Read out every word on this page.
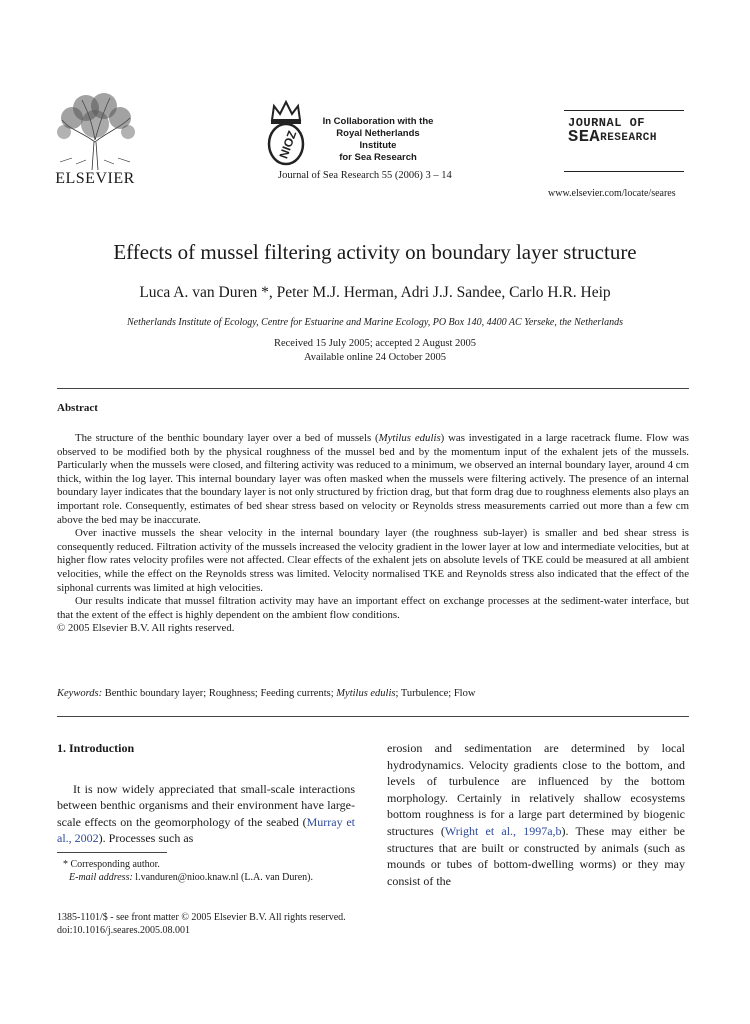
ELSEVIER
NIOZ
In Collaboration with the
Royal Netherlands Institute
for Sea Research
Journal of Sea Research 55 (2006) 3 – 14
JOURNAL OF
$SEA^{RESEARCH}$
www.elsevier.com/locate/seares
Effects of mussel filtering activity on boundary layer structure
Luca A. van Duren *, Peter M.J. Herman, Adri J.J. Sandee, Carlo H.R. Heip
Netherlands Institute of Ecology, Centre for Estuarine and Marine Ecology, PO Box 140, 4400 AC Yerseke, the Netherlands
Received 15 July 2005; accepted 2 August 2005
Available online 24 October 2005
Abstract

The structure of the benthic boundary layer over a bed of mussels (Mytilus edulis) was investigated in a large racetrack flume. Flow was observed to be modified both by the physical roughness of the mussel bed and by the momentum input of the exhalent jets of the mussels. Particularly when the mussels were closed, and filtering activity was reduced to a minimum, we observed an internal boundary layer, around 4 cm thick, within the log layer. This internal boundary layer was often masked when the mussels were filtering actively. The presence of an internal boundary layer indicates that the boundary layer is not only structured by friction drag, but that form drag due to roughness elements also plays an important role. Consequently, estimates of bed shear stress based on velocity or Reynolds stress measurements carried out more than a few cm above the bed may be inaccurate.

Over inactive mussels the shear velocity in the internal boundary layer (the roughness sub-layer) is smaller and bed shear stress is consequently reduced. Filtration activity of the mussels increased the velocity gradient in the lower layer at low and intermediate velocities, but at higher flow rates velocity profiles were not affected. Clear effects of the exhalent jets on absolute levels of TKE could be measured at all ambient velocities, while the effect on the Reynolds stress was limited. Velocity normalised TKE and Reynolds stress also indicated that the effect of the siphonal currents was limited at high velocities.

Our results indicate that mussel filtration activity may have an important effect on exchange processes at the sediment-water interface, but that the extent of the effect is highly dependent on the ambient flow conditions.

© 2005 Elsevier B.V. All rights reserved.

Keywords: Benthic boundary layer; Roughness; Feeding currents; Mytilus edulis; Turbulence; Flow

1. Introduction

It is now widely appreciated that small-scale interactions between benthic organisms and their environment have large-scale effects on the geomorphology of the seabed (Murray et al., 2002). Processes such as

erosion and sedimentation are determined by local hydrodynamics. Velocity gradients close to the bottom, and levels of turbulence are influenced by the bottom morphology. Certainly in relatively shallow ecosystems bottom roughness is for a large part determined by biogenic structures (Wright et al., 1997a,b). These may either be structures that are built or constructed by animals (such as mounds or tubes of bottom-dwelling worms) or they may consist of the

* Corresponding author.

E-mail address: l.vanduren@nioo.knaw.nl (L.A. van Duren).

1385-1101/$ - see front matter © 2005 Elsevier B.V. All rights reserved.
doi:10.1016/j.seares.2005.08.001
